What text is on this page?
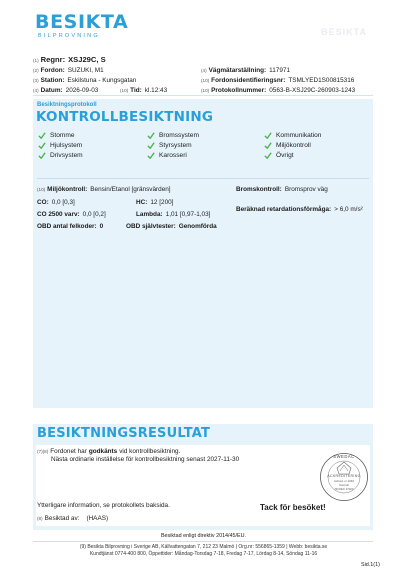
BESIKTA
BILPROVNING	BESIKTA
(1) Regnr: XSJ29C, S
(2) Fordon: SUZUKI, M1
(3) Station: Eskilstuna - Kungsgatan
(4) Datum: 2026-09-03	(10) Tid: kl.12:43
(4) Vägmätarställning: 117971
(10) Fordonsidentifieringsnr: TSMLYED1S00815316
(10) Protokollnummer: 0563-B-XSJ29C-260903-1243
Besiktningsprotokoll
KONTROLLBESIKTNING
Stomme	Bromssystem	Kommunikation
Hjulsystem	Styrsystem	Miljökontroll
Drivsystem	Karosseri	Övrigt
(10) Miljökontroll: Bensin/Etanol [gränsvärden]
CO: 0,0 [0,3]	HC: 12 [200]
CO 2500 varv: 0,0 [0,2]	Lambda: 1,01 [0,97-1,03]
OBD antal felkoder: 0	OBD självtester: Genomförda
Bromskontroll: Bromsprov väg
Beräknad retardationsförmåga: > 6,0 m/s²
BESIKTNINGSRESULTAT
(7)(8) Fordonet har godkänts vid kontrollbesiktning.
Nästa ordinarie inställelse för kontrollbesiktning senast 2027-11-30
Ytterligare information, se protokollets baksida.	Tack för besöket!
(8) Besiktad av: (HAAS)
SWEDAC
ACKREDITERING
Ackred. nr 1040
Kontroll
ISO/IEC 17020
Besiktad enligt direktiv 2014/45/EU.
(9) Besikta Bilprovning i Sverige AB, Källvattengatan 7, 212 23 Malmö | Org.nr: 556865-1359 | Webb: besikta.se
Kundtjänst 0774-400 800, Öppettider: Måndag-Torsdag 7-18, Fredag 7-17, Lördag 8-14, Söndag 11-16
Sid.1(1)
